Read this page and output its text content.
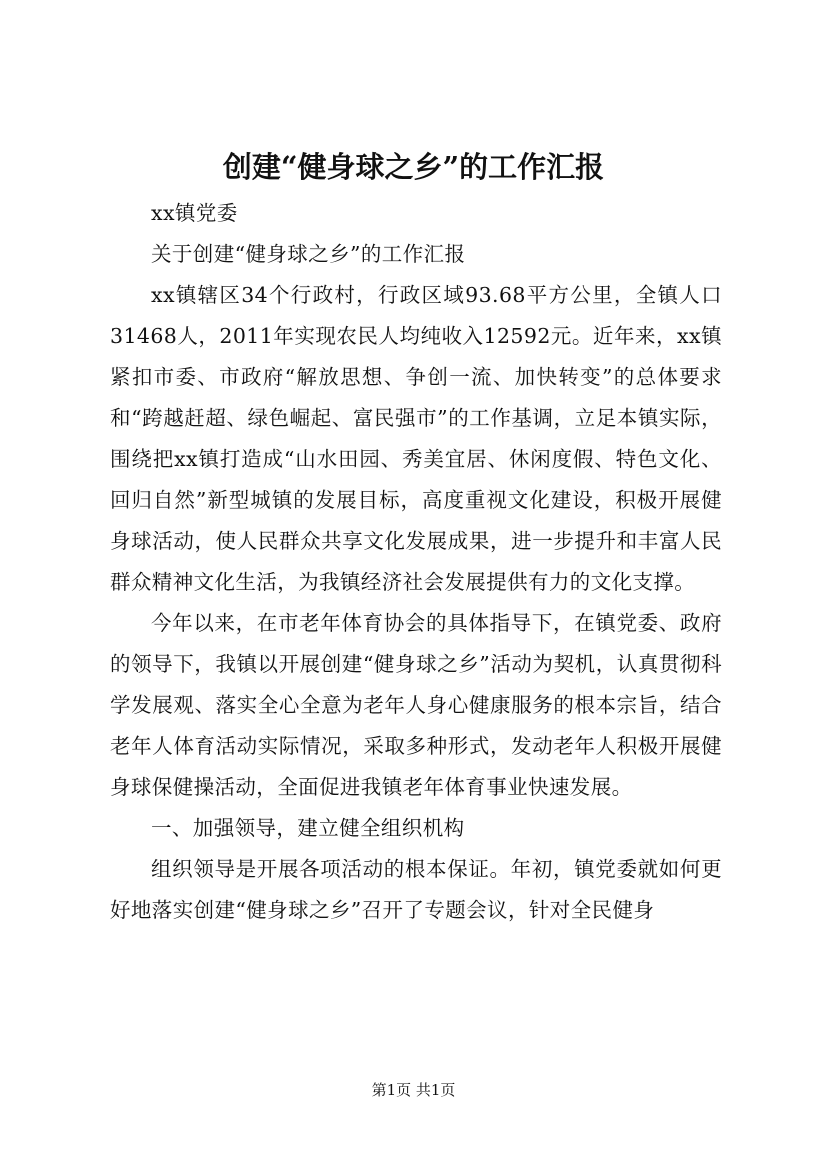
创建“健身球之乡”的工作汇报

xx镇党委

关于创建“健身球之乡”的工作汇报

xx镇辖区34个行政村，行政区域93.68平方公里，全镇人口31468人，2011年实现农民人均纯收入12592元。近年来，xx镇紧扣市委、市政府“解放思想、争创一流、加快转变”的总体要求和“跨越赶超、绿色崛起、富民强市”的工作基调，立足本镇实际，围绕把xx镇打造成“山水田园、秀美宜居、休闲度假、特色文化、回归自然”新型城镇的发展目标，高度重视文化建设，积极开展健身球活动，使人民群众共享文化发展成果，进一步提升和丰富人民群众精神文化生活，为我镇经济社会发展提供有力的文化支撑。

今年以来，在市老年体育协会的具体指导下，在镇党委、政府的领导下，我镇以开展创建“健身球之乡”活动为契机，认真贯彻科学发展观、落实全心全意为老年人身心健康服务的根本宗旨，结合老年人体育活动实际情况，采取多种形式，发动老年人积极开展健身球保健操活动，全面促进我镇老年体育事业快速发展。

一、加强领导，建立健全组织机构

组织领导是开展各项活动的根本保证。年初，镇党委就如何更好地落实创建“健身球之乡”召开了专题会议，针对全民健身

第1页 共1页
